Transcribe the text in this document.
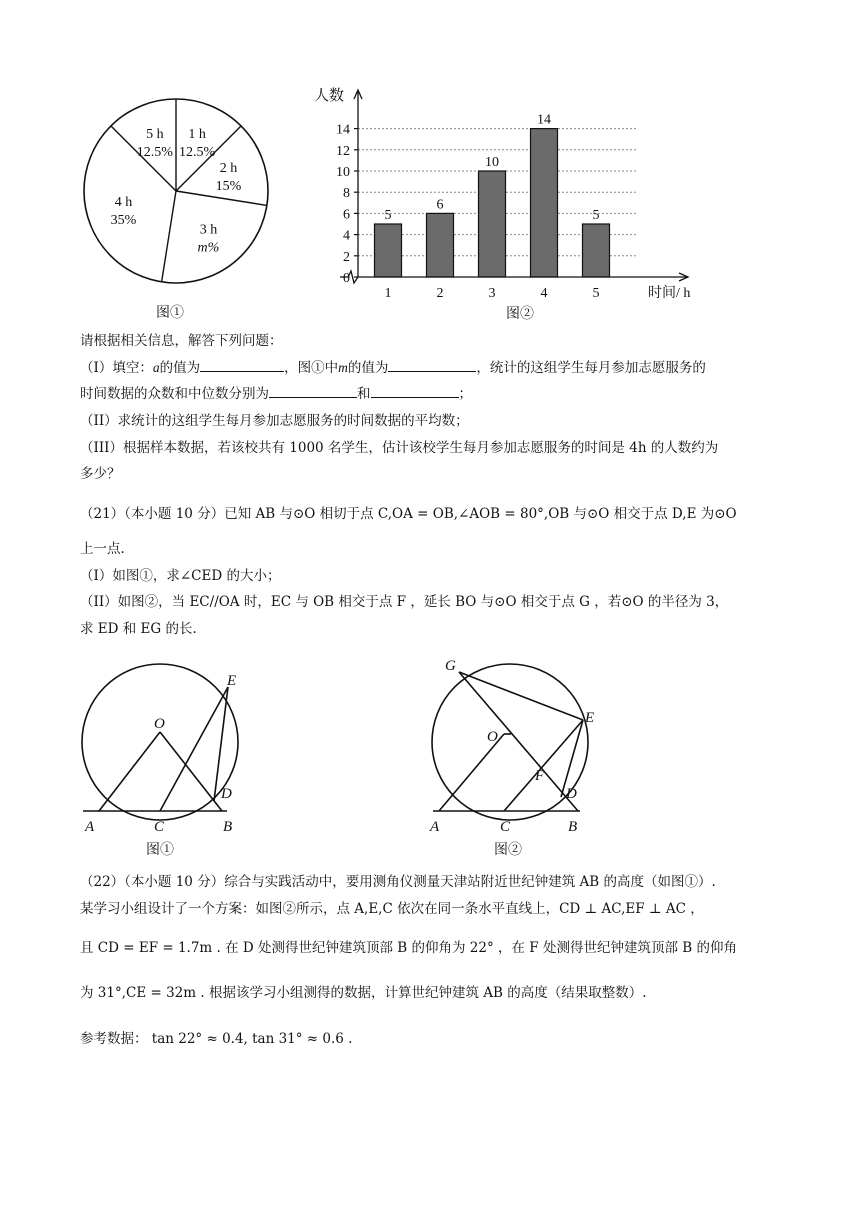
1 h
12.5%
2 h
15%
3 h
m%
4 h
35%
5 h
12.5%
图①
0
2
4
6
8
10
12
14
5
1
6
2
10
3
14
4
5
5
人数
时间/ h
图②
请根据相关信息，解答下列问题：
（I）填空：a的值为	，图①中m的值为	，统计的这组学生每月参加志愿服务的
时间数据的众数和中位数分别为	和	；
（II）求统计的这组学生每月参加志愿服务的时间数据的平均数；
（III）根据样本数据，若该校共有 1000 名学生，估计该校学生每月参加志愿服务的时间是 4h 的人数约为
多少？
（21）（本小题 10 分）已知 AB 与⊙O 相切于点 C,OA = OB,∠AOB = 80°,OB 与⊙O 相交于点 D,E 为⊙O
上一点.
（I）如图①，求∠CED 的大小；
（II）如图②，当 EC//OA 时，EC 与 OB 相交于点 F ，延长 BO 与⊙O 相交于点 G ，若⊙O 的半径为 3，
求 ED 和 EG 的长.
O
E
D
A	C	B
图①
G
O
E
F
D
A	C	B
图②
（22）（本小题 10 分）综合与实践活动中，要用测角仪测量天津站附近世纪钟建筑 AB 的高度（如图①）.
某学习小组设计了一个方案：如图②所示，点 A,E,C 依次在同一条水平直线上，CD ⊥ AC,EF ⊥ AC ，
且 CD = EF = 1.7m . 在 D 处测得世纪钟建筑顶部 B 的仰角为 22° ，在 F 处测得世纪钟建筑顶部 B 的仰角
为 31°,CE = 32m . 根据该学习小组测得的数据，计算世纪钟建筑 AB 的高度（结果取整数）.
参考数据： tan 22° ≈ 0.4, tan 31° ≈ 0.6 .
